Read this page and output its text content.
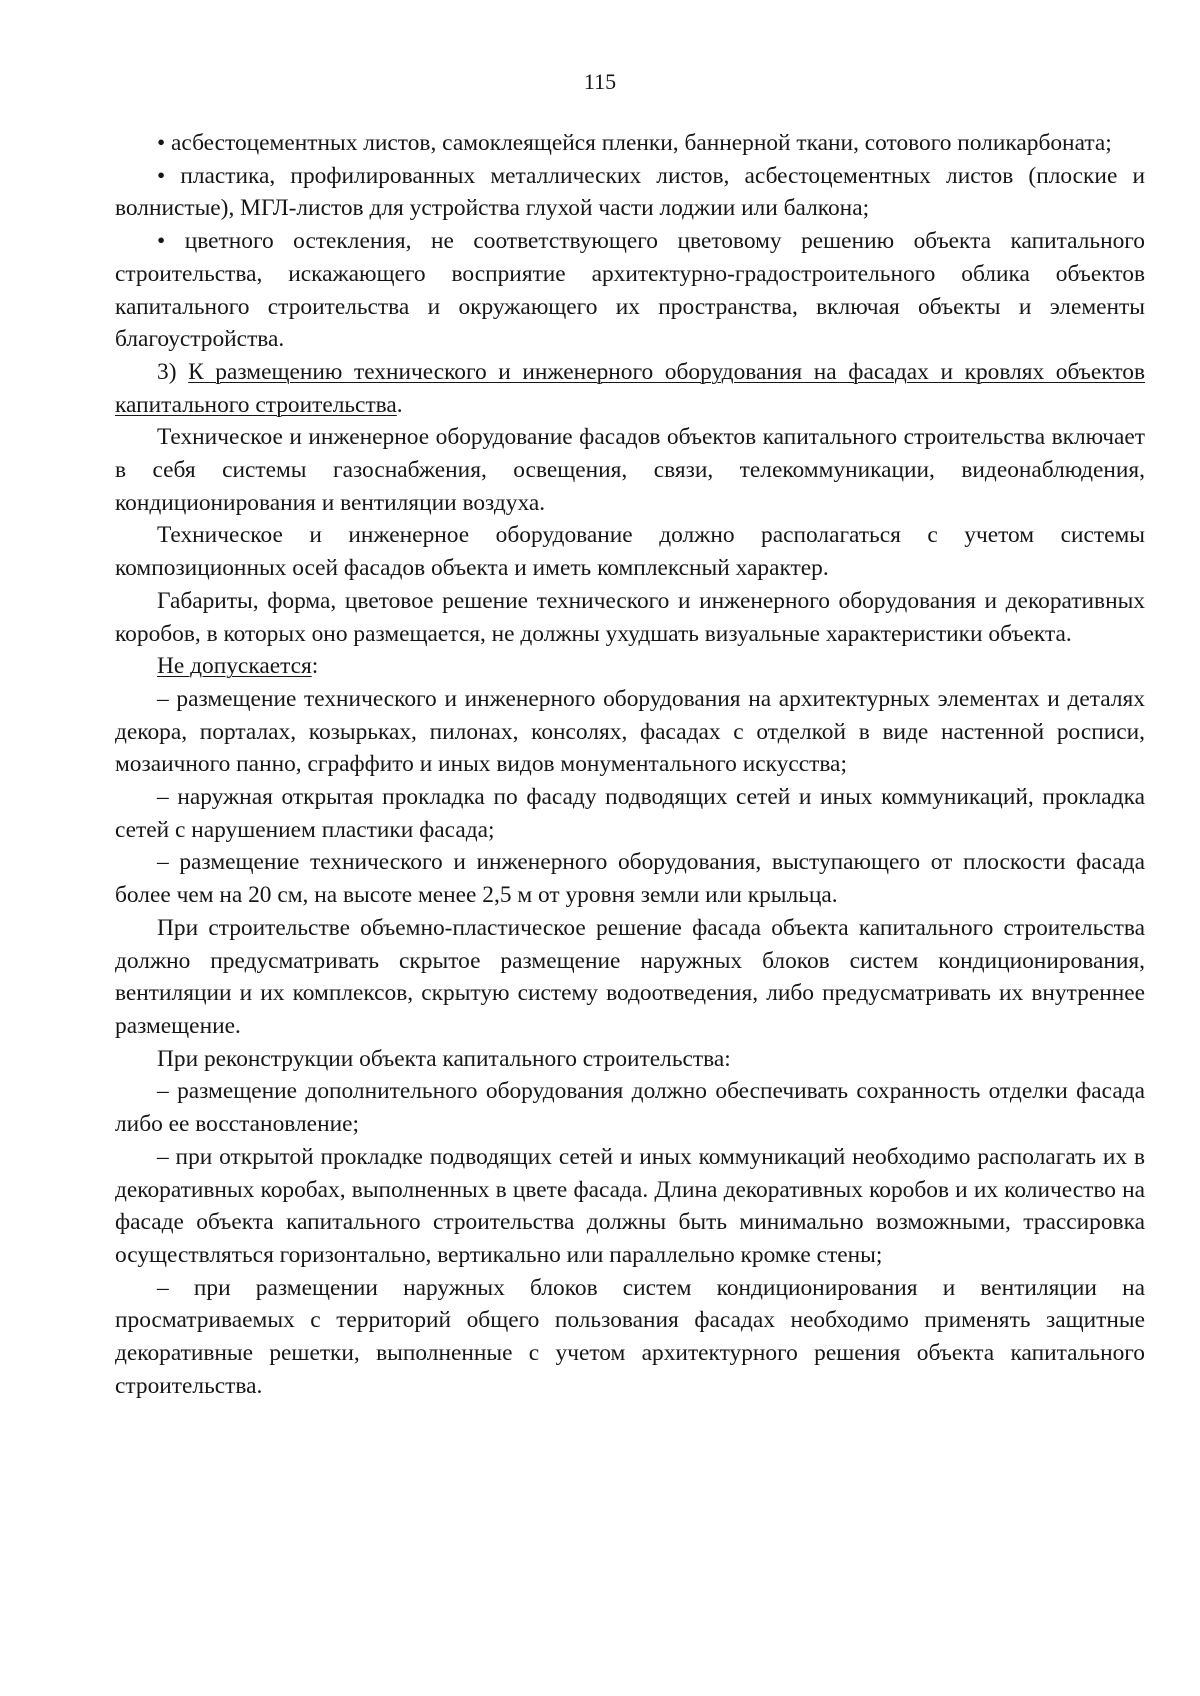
115

• асбестоцементных листов, самоклеящейся пленки, баннерной ткани, сотового поликарбоната;

• пластика, профилированных металлических листов, асбестоцементных листов (плоские и волнистые), МГЛ-листов для устройства глухой части лоджии или балкона;

• цветного остекления, не соответствующего цветовому решению объекта капитального строительства, искажающего восприятие архитектурно-градостроительного облика объектов капитального строительства и окружающего их пространства, включая объекты и элементы благоустройства.

3) К размещению технического и инженерного оборудования на фасадах и кровлях объектов капитального строительства.

Техническое и инженерное оборудование фасадов объектов капитального строительства включает в себя системы газоснабжения, освещения, связи, телекоммуникации, видеонаблюдения, кондиционирования и вентиляции воздуха.

Техническое и инженерное оборудование должно располагаться с учетом системы композиционных осей фасадов объекта и иметь комплексный характер.

Габариты, форма, цветовое решение технического и инженерного оборудования и декоративных коробов, в которых оно размещается, не должны ухудшать визуальные характеристики объекта.

Не допускается:

– размещение технического и инженерного оборудования на архитектурных элементах и деталях декора, порталах, козырьках, пилонах, консолях, фасадах с отделкой в виде настенной росписи, мозаичного панно, сграффито и иных видов монументального искусства;

– наружная открытая прокладка по фасаду подводящих сетей и иных коммуникаций, прокладка сетей с нарушением пластики фасада;

– размещение технического и инженерного оборудования, выступающего от плоскости фасада более чем на 20 см, на высоте менее 2,5 м от уровня земли или крыльца.

При строительстве объемно-пластическое решение фасада объекта капитального строительства должно предусматривать скрытое размещение наружных блоков систем кондиционирования, вентиляции и их комплексов, скрытую систему водоотведения, либо предусматривать их внутреннее размещение.

При реконструкции объекта капитального строительства:

– размещение дополнительного оборудования должно обеспечивать сохранность отделки фасада либо ее восстановление;

– при открытой прокладке подводящих сетей и иных коммуникаций необходимо располагать их в декоративных коробах, выполненных в цвете фасада. Длина декоративных коробов и их количество на фасаде объекта капитального строительства должны быть минимально возможными, трассировка осуществляться горизонтально, вертикально или параллельно кромке стены;

– при размещении наружных блоков систем кондиционирования и вентиляции на просматриваемых с территорий общего пользования фасадах необходимо применять защитные декоративные решетки, выполненные с учетом архитектурного решения объекта капитального строительства.
